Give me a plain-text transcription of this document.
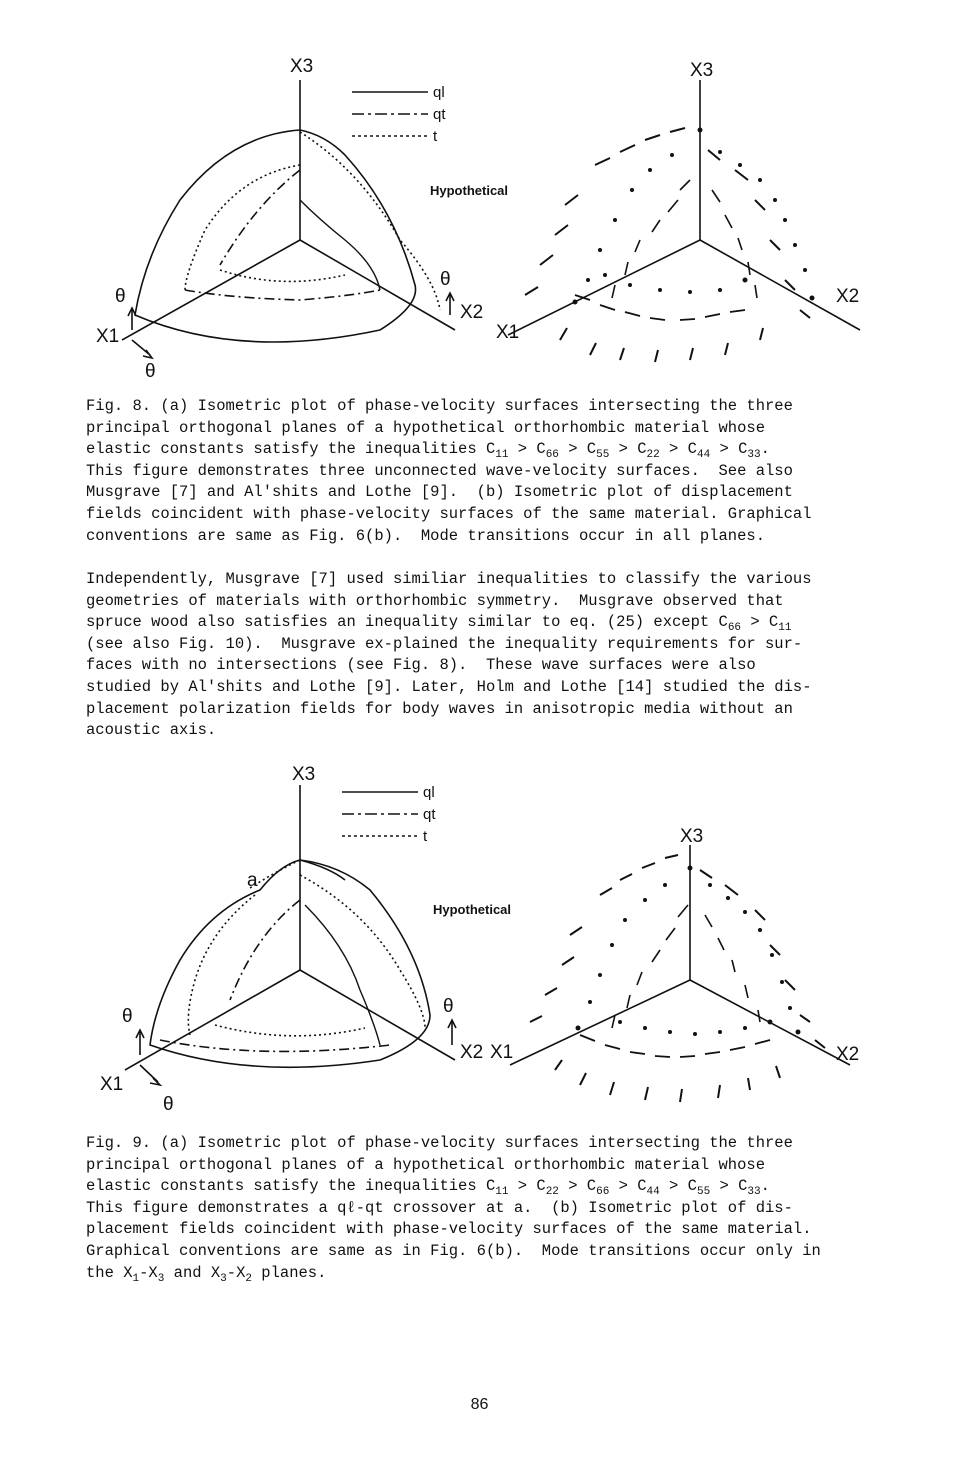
X3
X1
X2
θ
θ
θ
ql
qt
t
Hypothetical
X3
X1
X2
Fig. 8. (a) Isometric plot of phase-velocity surfaces intersecting the three
principal orthogonal planes of a hypothetical orthorhombic material whose
elastic constants satisfy the inequalities $C_{11} > C_{66} > C_{55} > C_{22} > C_{44} > C_{33}$.
This figure demonstrates three unconnected wave-velocity surfaces.  See also
Musgrave [7] and Al'shits and Lothe [9].  (b) Isometric plot of displacement
fields coincident with phase-velocity surfaces of the same material. Graphical
conventions are same as Fig. 6(b).  Mode transitions occur in all planes.
Independently, Musgrave [7] used similiar inequalities to classify the various
geometries of materials with orthorhombic symmetry.  Musgrave observed that
spruce wood also satisfies an inequality similar to eq. (25) except $C_{66} > C_{11}$
(see also Fig. 10).  Musgrave ex-plained the inequality requirements for sur-
faces with no intersections (see Fig. 8).  These wave surfaces were also
studied by Al'shits and Lothe [9]. Later, Holm and Lothe [14] studied the dis-
placement polarization fields for body waves in anisotropic media without an
acoustic axis.
X3
X1
X2
θ	θ
θ
a
ql
qt
t
Hypothetical
X3
X1	X2
Fig. 9. (a) Isometric plot of phase-velocity surfaces intersecting the three
principal orthogonal planes of a hypothetical orthorhombic material whose
elastic constants satisfy the inequalities $C_{11} > C_{22} > C_{66} > C_{44} > C_{55} > C_{33}$.
This figure demonstrates a qℓ-qt crossover at a.  (b) Isometric plot of dis-
placement fields coincident with phase-velocity surfaces of the same material.
Graphical conventions are same as in Fig. 6(b).  Mode transitions occur only in
the $X_1-X_3$ and $X_3-X_2$ planes.
86
